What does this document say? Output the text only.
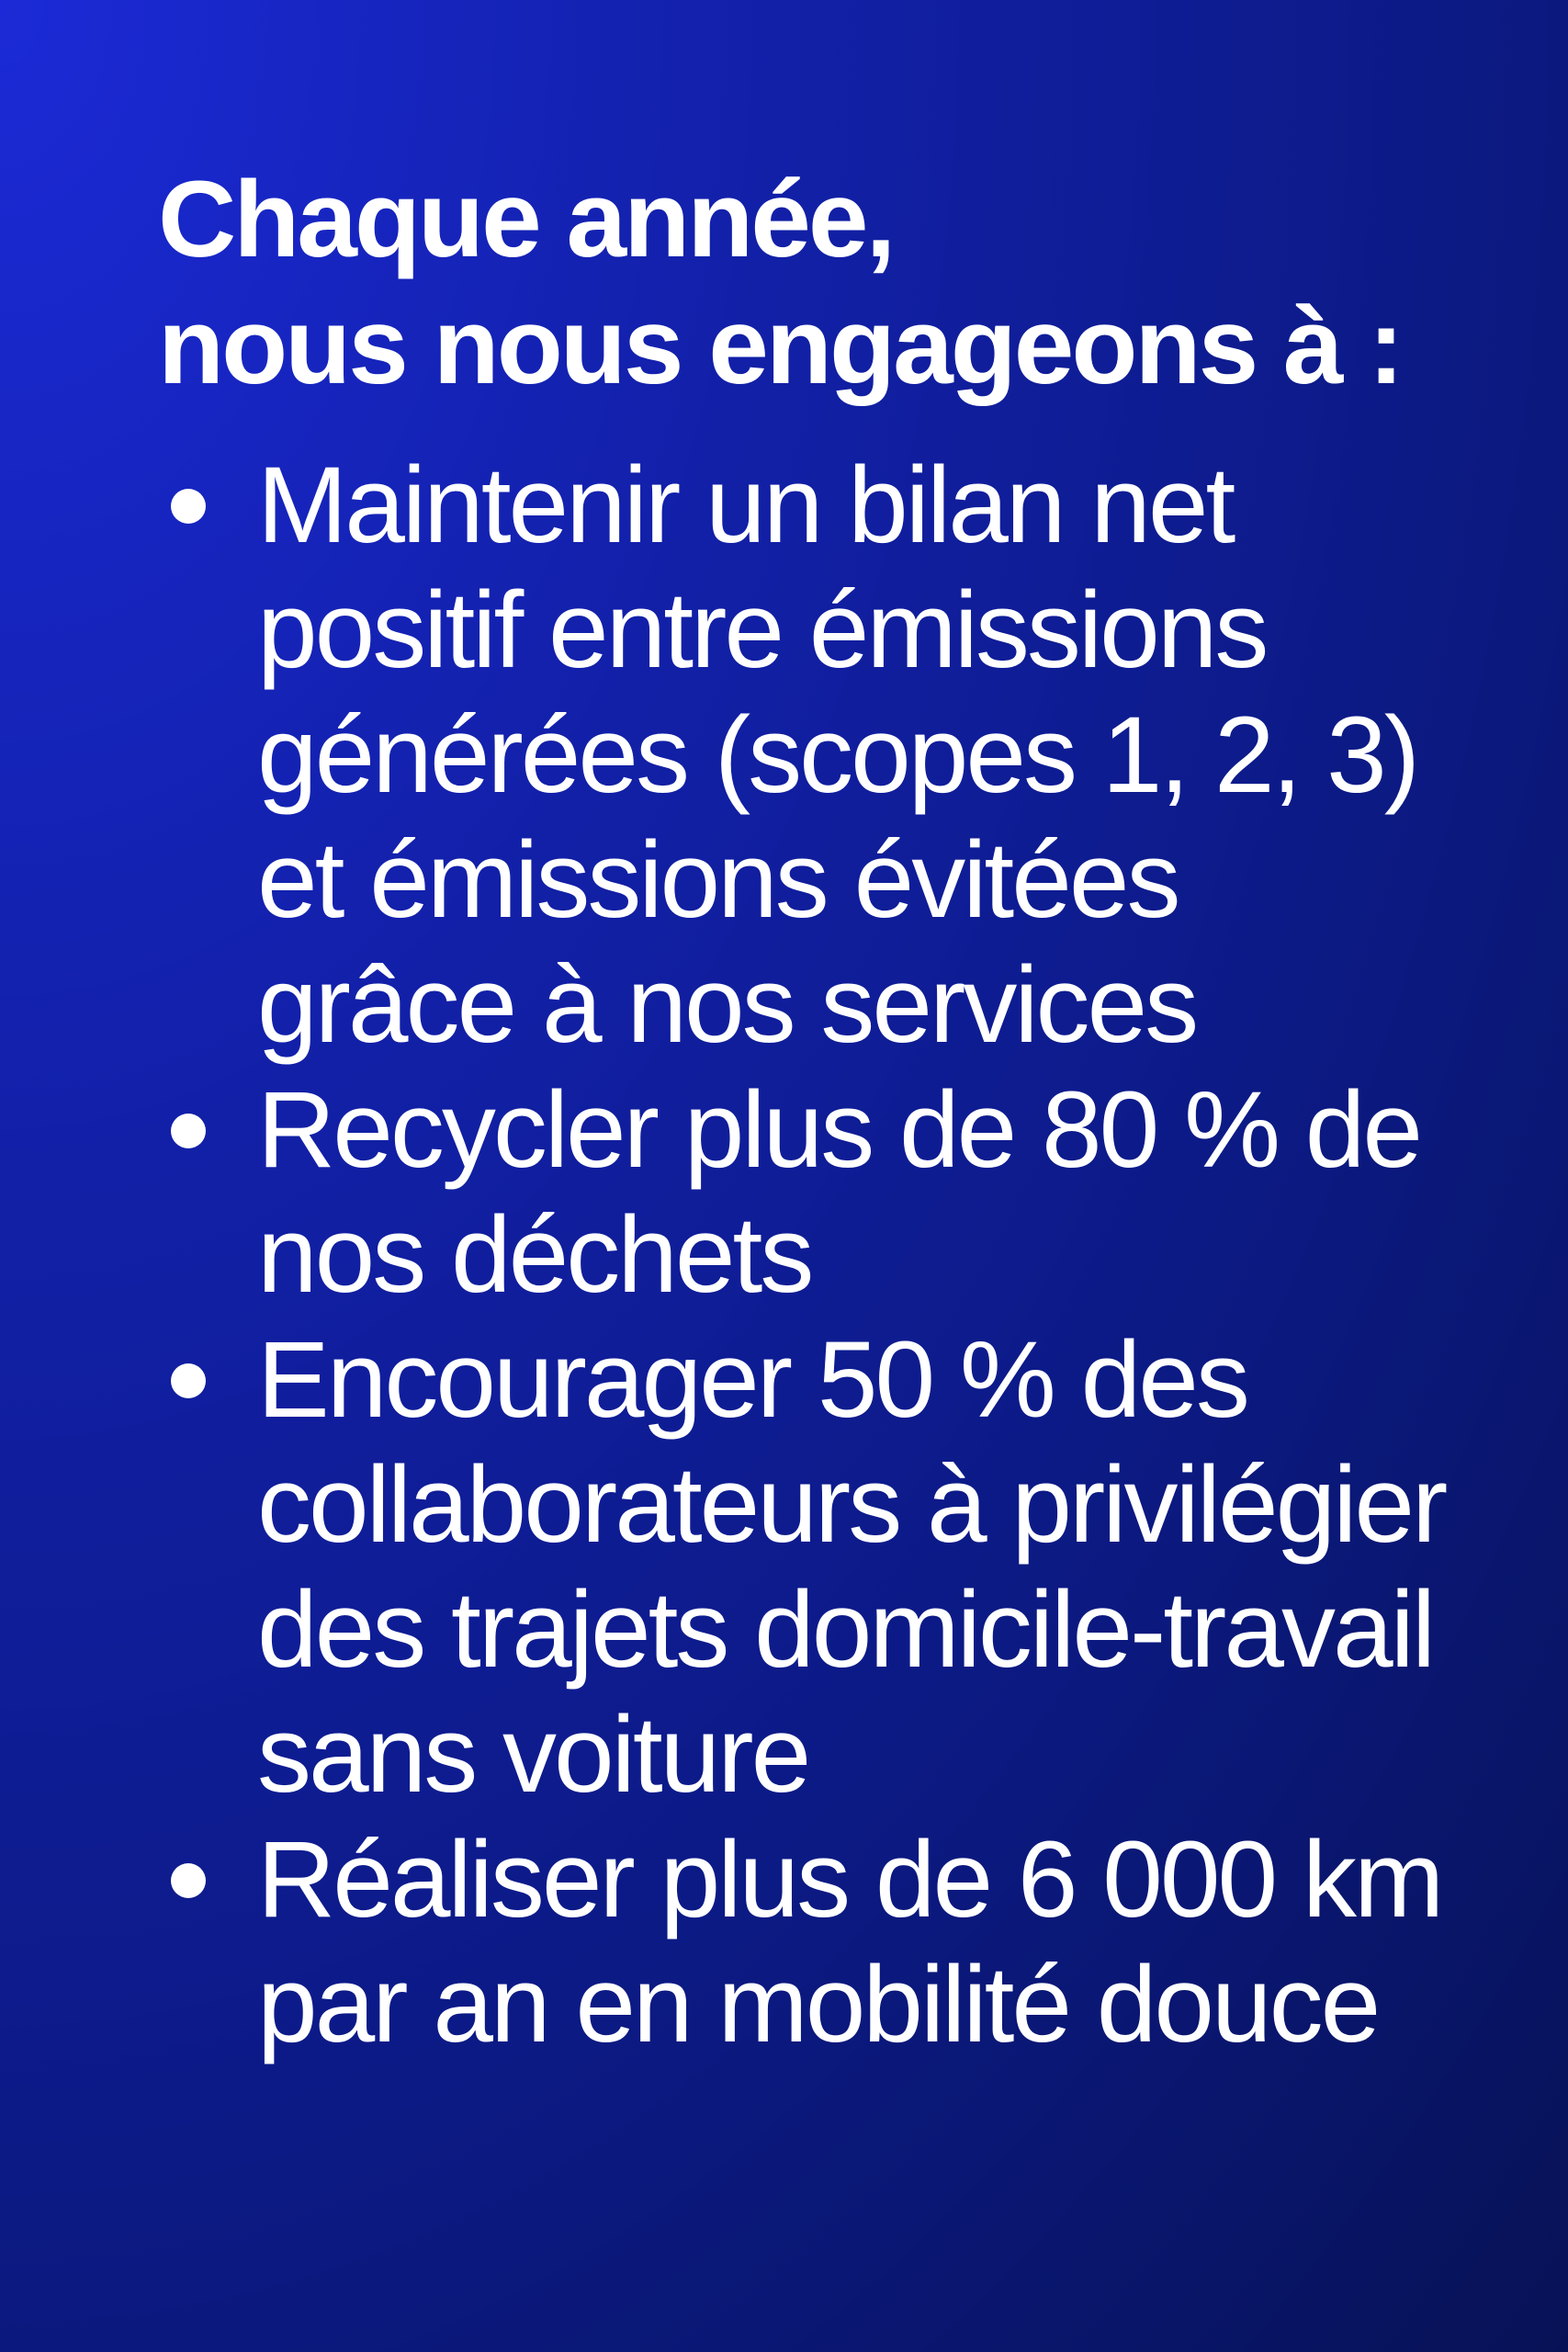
Chaque année,
nous nous engageons à :
Maintenir un bilan net positif entre émissions générées (scopes 1, 2, 3) et émissions évitées grâce à nos services
Recycler plus de 80 % de nos déchets
Encourager 50 % des collaborateurs à privilégier des trajets domicile-travail sans voiture
Réaliser plus de 6 000 km par an en mobilité douce
